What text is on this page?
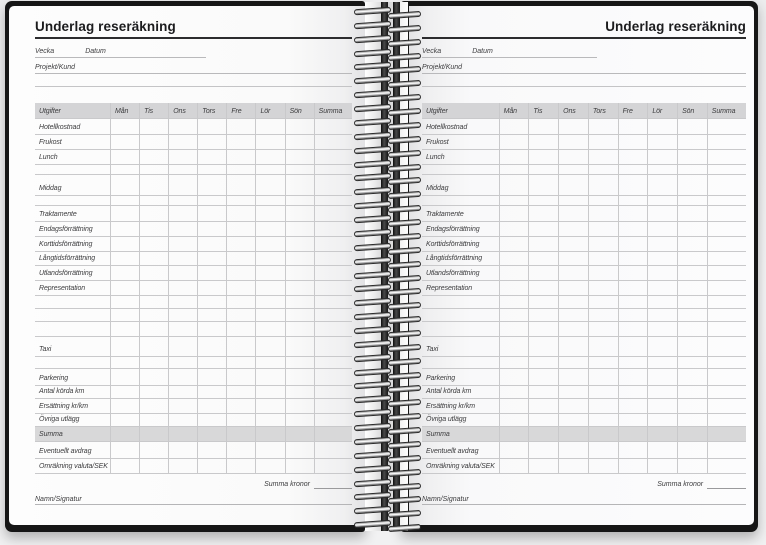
Underlag reseräkning
Vecka	Datum
Projekt/Kund
Utgifter	Mån	Tis	Ons	Tors	Fre	Lör	Sön	Summa
Hotellkostnad
Frukost
Lunch
Middag
Traktamente
Endagsförrättning
Korttidsförrättning
Långtidsförrättning
Utlandsförrättning
Representation
Taxi
Parkering
Antal körda km
Ersättning kr/km
Övriga utlägg
Summa
Eventuellt avdrag
Omräkning valuta/SEK
Summa kronor
Namn/Signatur
Underlag reseräkning
Vecka	Datum
Projekt/Kund
Utgifter	Mån	Tis	Ons	Tors	Fre	Lör	Sön	Summa
Hotellkostnad
Frukost
Lunch
Middag
Traktamente
Endagsförrättning
Korttidsförrättning
Långtidsförrättning
Utlandsförrättning
Representation
Taxi
Parkering
Antal körda km
Ersättning kr/km
Övriga utlägg
Summa
Eventuellt avdrag
Omräkning valuta/SEK
Summa kronor
Namn/Signatur
